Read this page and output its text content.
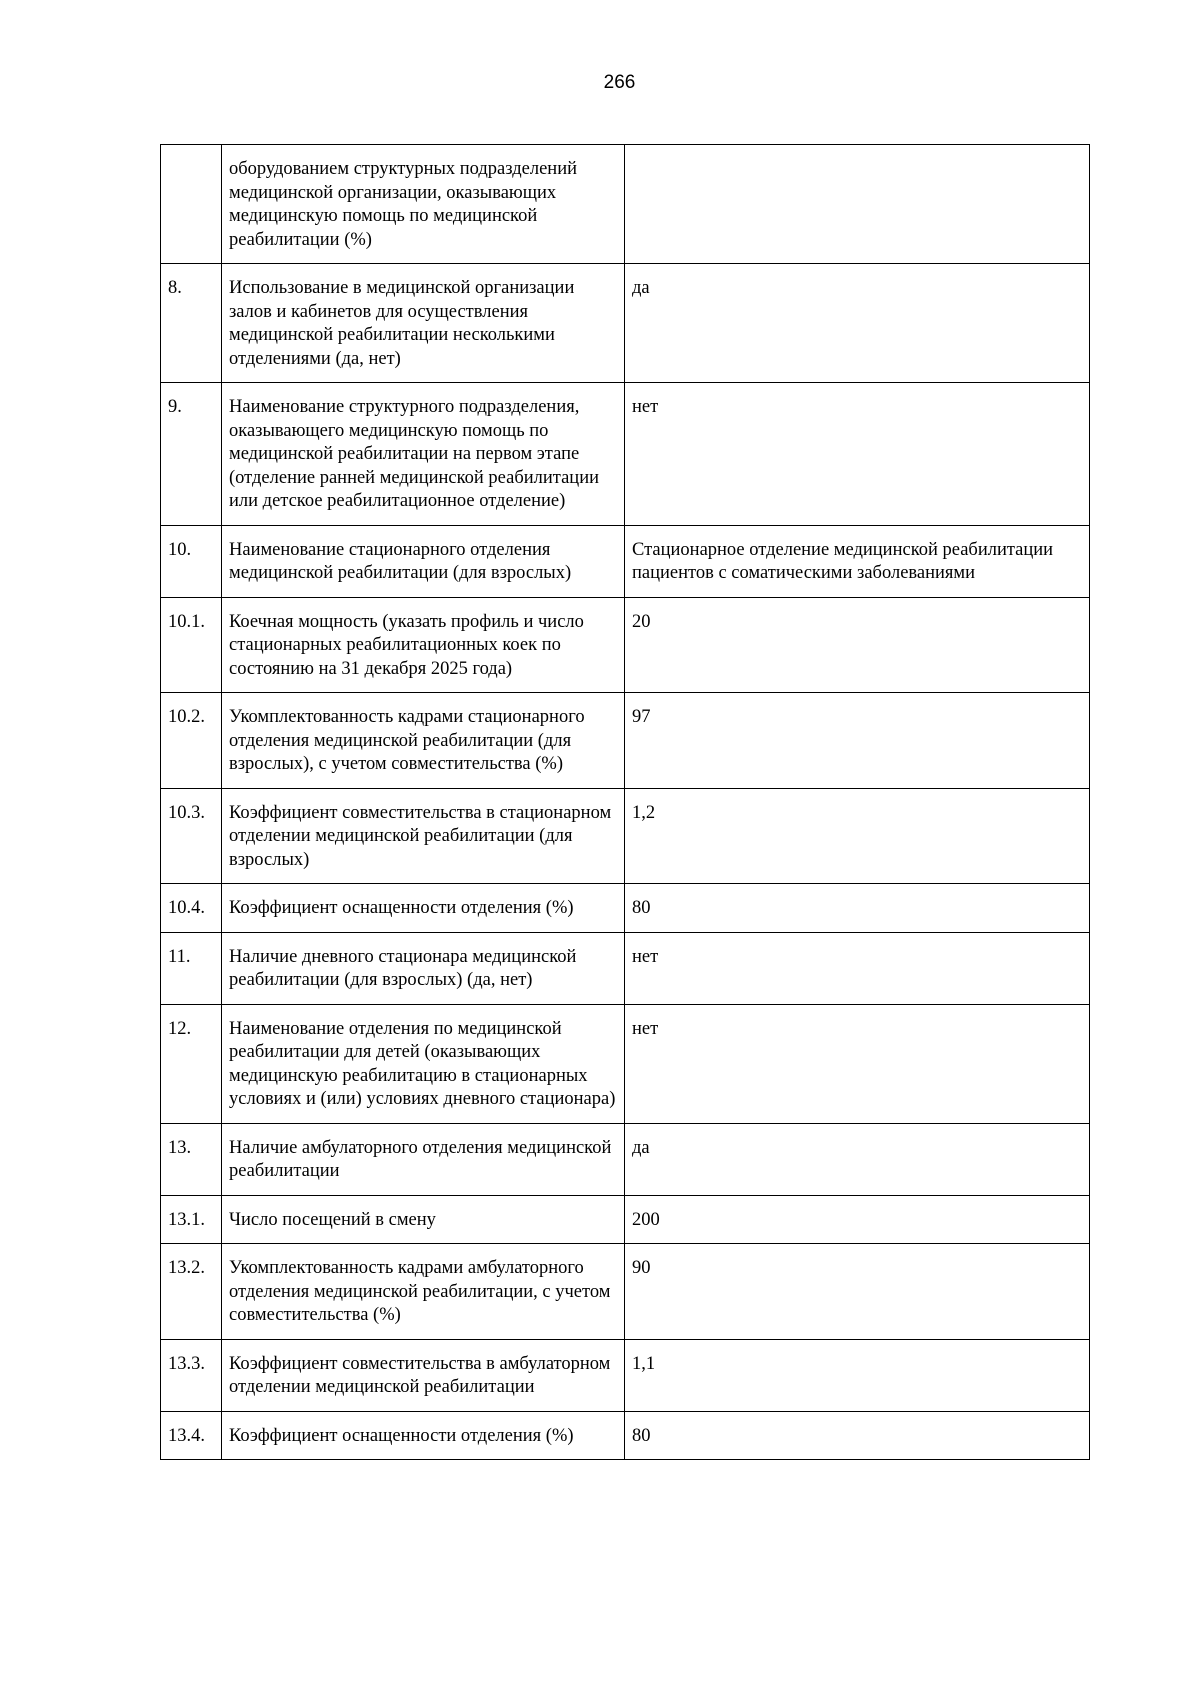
266
	оборудованием структурных подразделений медицинской организации, оказывающих медицинскую помощь по медицинской реабилитации (%)	
8.	Использование в медицинской организации залов и кабинетов для осуществления медицинской реабилитации несколькими отделениями (да, нет)	да
9.	Наименование структурного подразделения, оказывающего медицинскую помощь по медицинской реабилитации на первом этапе (отделение ранней медицинской реабилитации или детское реабилитационное отделение)	нет
10.	Наименование стационарного отделения медицинской реабилитации (для взрослых)	Стационарное отделение медицинской реабилитации пациентов с соматическими заболеваниями
10.1.	Коечная мощность (указать профиль и число стационарных реабилитационных коек по состоянию на 31 декабря 2025 года)	20
10.2.	Укомплектованность кадрами стационарного отделения медицинской реабилитации (для взрослых), с учетом совместительства (%)	97
10.3.	Коэффициент совместительства в стационарном отделении медицинской реабилитации (для взрослых)	1,2
10.4.	Коэффициент оснащенности отделения (%)	80
11.	Наличие дневного стационара медицинской реабилитации (для взрослых) (да, нет)	нет
12.	Наименование отделения по медицинской реабилитации для детей (оказывающих медицинскую реабилитацию в стационарных условиях и (или) условиях дневного стационара)	нет
13.	Наличие амбулаторного отделения медицинской реабилитации	да
13.1.	Число посещений в смену	200
13.2.	Укомплектованность кадрами амбулаторного отделения медицинской реабилитации, с учетом совместительства (%)	90
13.3.	Коэффициент совместительства в амбулаторном отделении медицинской реабилитации	1,1
13.4.	Коэффициент оснащенности отделения (%)	80
